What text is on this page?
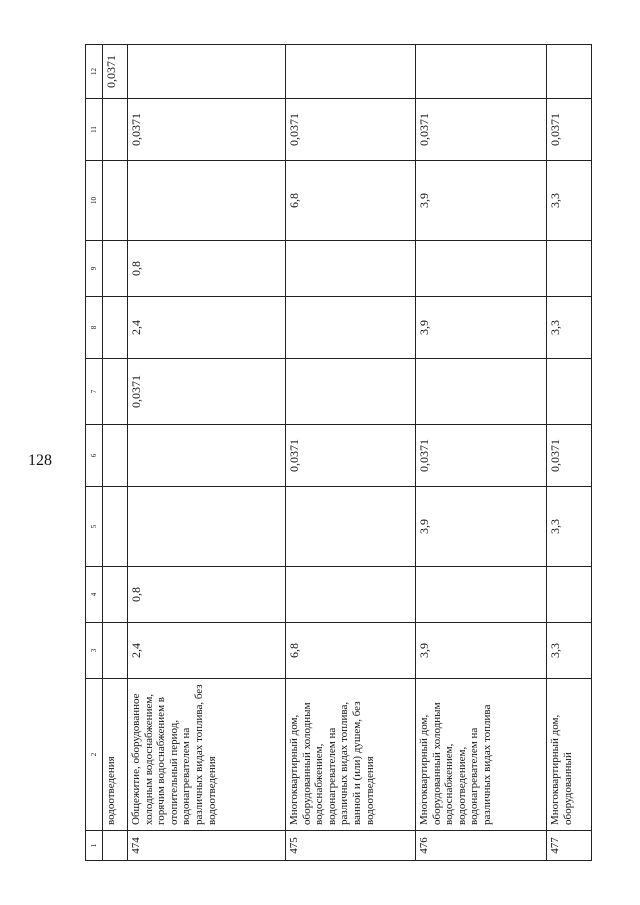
128
1	2	3	4	5	6	7	8	9	10	11	12
	водоотведения										0,0371
474	Общежитие, оборудованное холодным водоснабжением, горячим водоснабжением в отопительный период, водонагревателем на различных видах топлива, без водоотведения	2,4	0,8			0,0371	2,4	0,8		0,0371	
475	Многоквартирный дом, оборудованный холодным водоснабжением, водонагревателем на различных видах топлива, ванной и (или) душем, без водоотведения	6,8			0,0371				6,8	0,0371	
476	Многоквартирный дом, оборудованный холодным водоснабжением, водоотведением, водонагревателем на различных видах топлива	3,9		3,9	0,0371		3,9		3,9	0,0371	
477	Многоквартирный дом, оборудованный	3,3		3,3	0,0371		3,3		3,3	0,0371	
